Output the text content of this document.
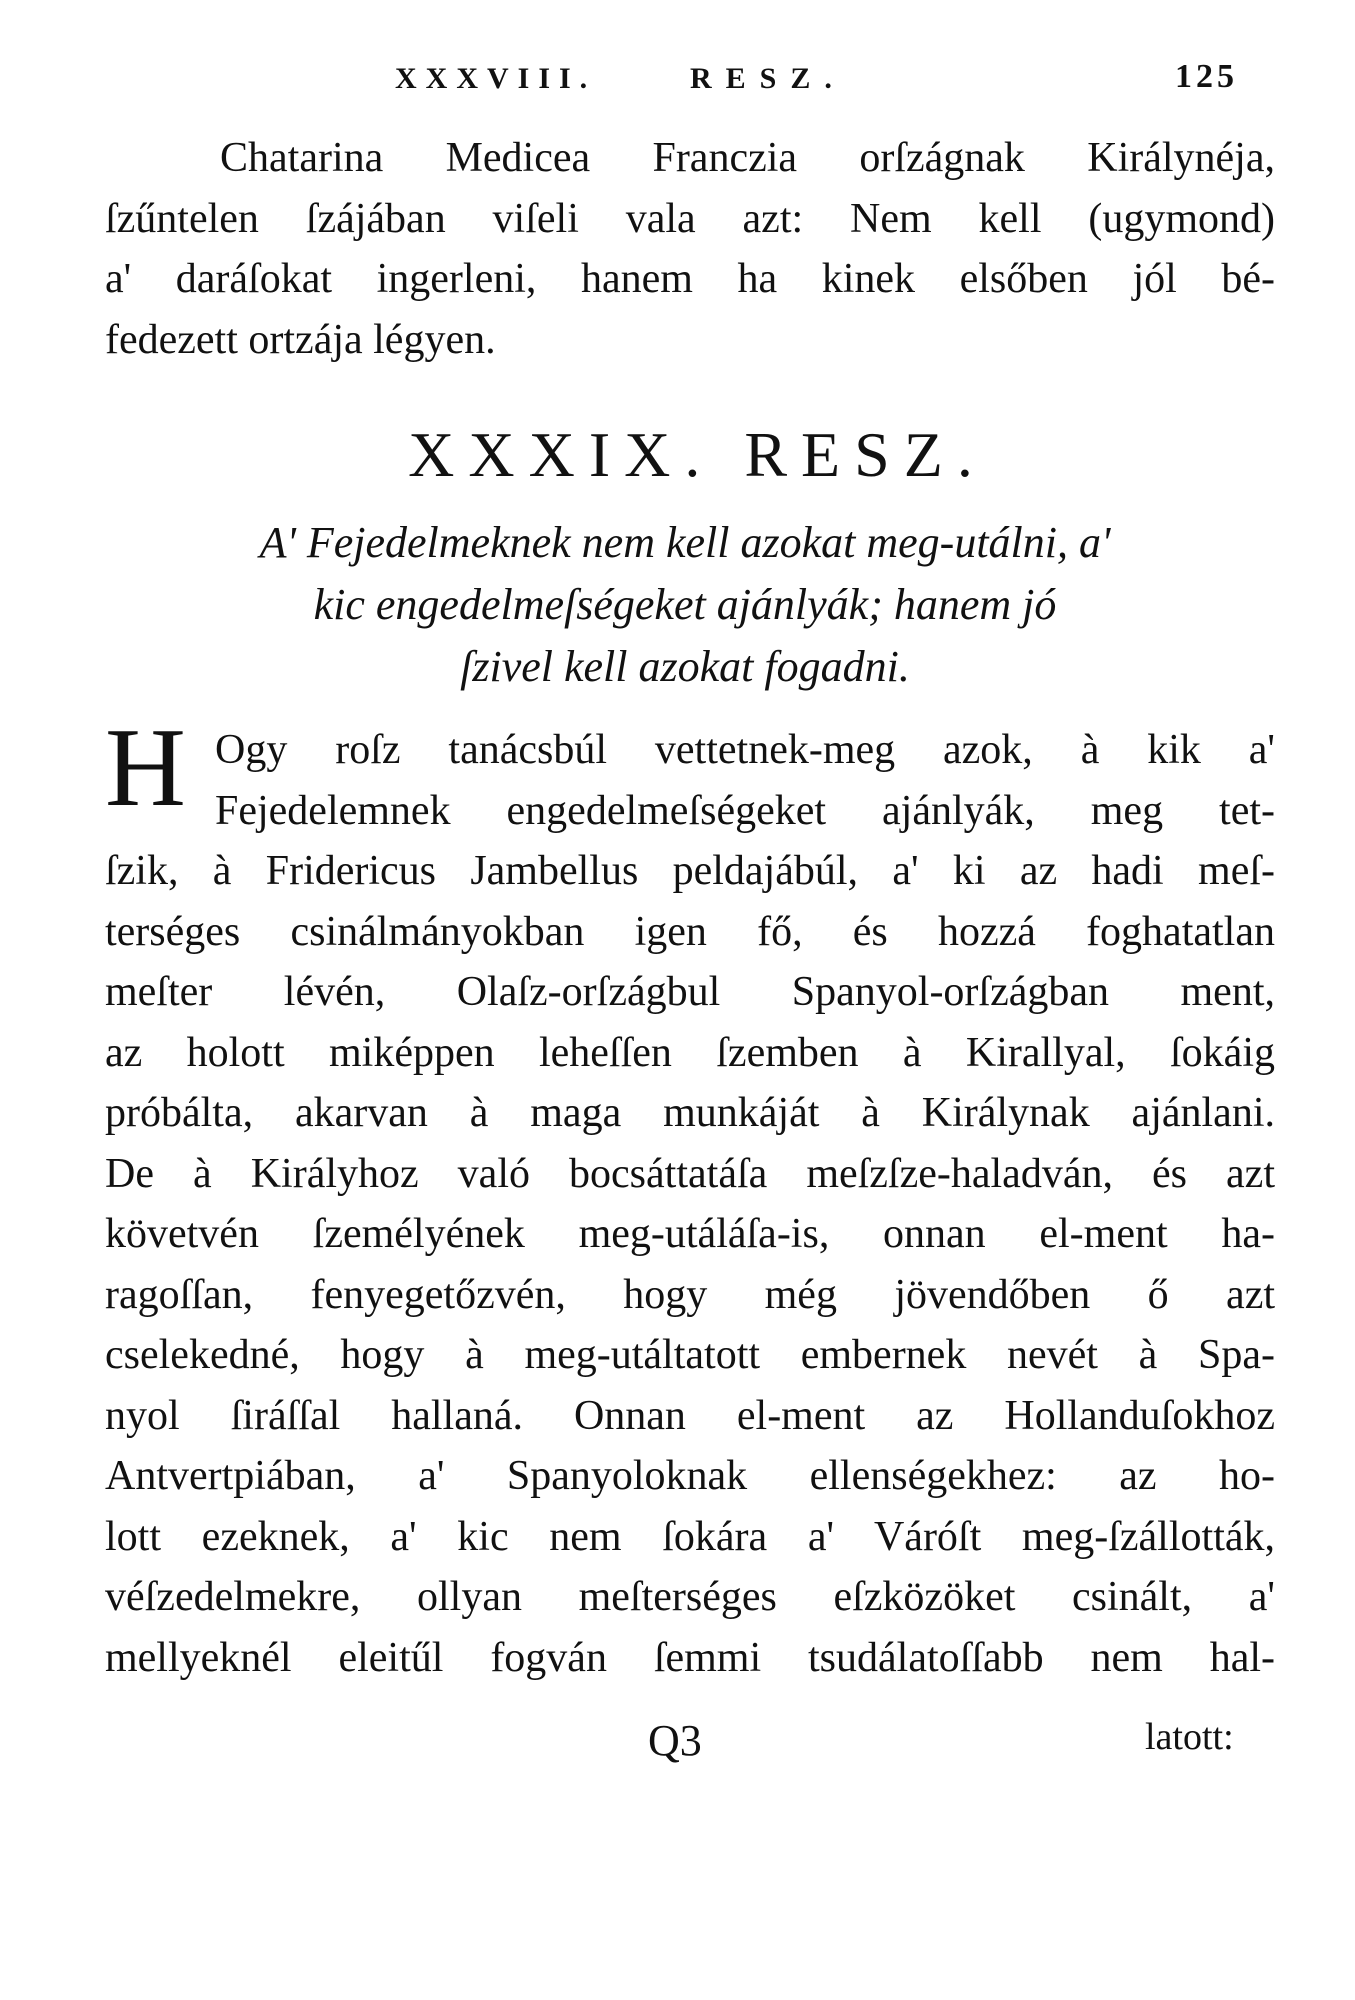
XXXVIII.	RESZ.	125
Chatarina Medicea Francziа orſzágnak Királynéja,
ſzűntelen ſzájában viſeli vala azt: Nem kell (ugymond)
a' daráſokat ingerleni, hanem ha kinek elsőben jól bé-
fedezett ortzája légyen.
XXXIX. RESZ.
A' Fejedelmeknek nem kell azokat meg-utálni, a'
kic engedelmeſségeket ajánlyák; hanem jó
ſzivel kell azokat fogadni.
H Ogy roſz tanácsbúl vettetnek-meg azok, à kik a'
Fejedelemnek engedelmeſségeket ajánlyák, meg tet-
ſzik, à Fridericus Jambellus peldajábúl, a' ki az hadi meſ-
terséges csinálmányokban igen fő, és hozzá foghatatlan
meſter lévén, Olaſz-orſzágbul Spanyol-orſzágban ment,
az holott miképpen leheſſen ſzemben à Kirallyal, ſokáig
próbálta, akarvan à maga munkáját à Királynak ajánlani.
De à Királyhoz való bocsáttatáſa meſzſze-haladván, és azt
követvén ſzemélyének meg-utáláſa-is, onnan el-ment ha-
ragoſſan, fenyegetőzvén, hogy még jövendőben ő azt
cselekedné, hogy à meg-utáltatott embernek nevét à Spa-
nyol ſiráſſal hallaná. Onnan el-ment az Hollanduſokhoz
Antvertpiában, a' Spanyoloknak ellenségekhez: az ho-
lott ezeknek, a' kic nem ſokára a' Váróſt meg-ſzállották,
véſzedelmekre, ollyan meſterséges eſzközöket csinált, a'
mellyeknél eleitűl fogván ſemmi tsudálatoſſabb nem hal-
Q3	latott:
